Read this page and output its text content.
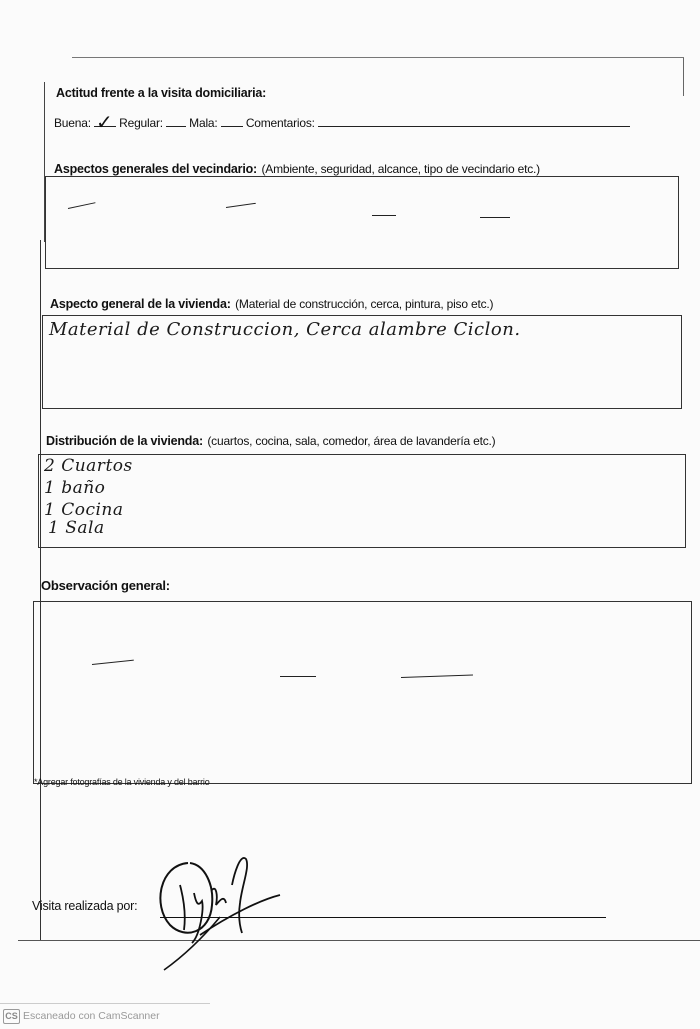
Actitud frente a la visita domiciliaria:
Buena: ✓ Regular: Mala: Comentarios:
Aspectos generales del vecindario: (Ambiente, seguridad, alcance, tipo de vecindario etc.)
Aspecto general de la vivienda: (Material de construcción, cerca, pintura, piso etc.)
Material de Construccion, Cerca alambre Ciclon.
Distribución de la vivienda: (cuartos, cocina, sala, comedor, área de lavandería etc.)
2 Cuartos
1 baño
1 Cocina
1 Sala
Observación general:
*Agregar fotografías de la vivienda y del barrio
Visita realizada por:
CS Escaneado con CamScanner
